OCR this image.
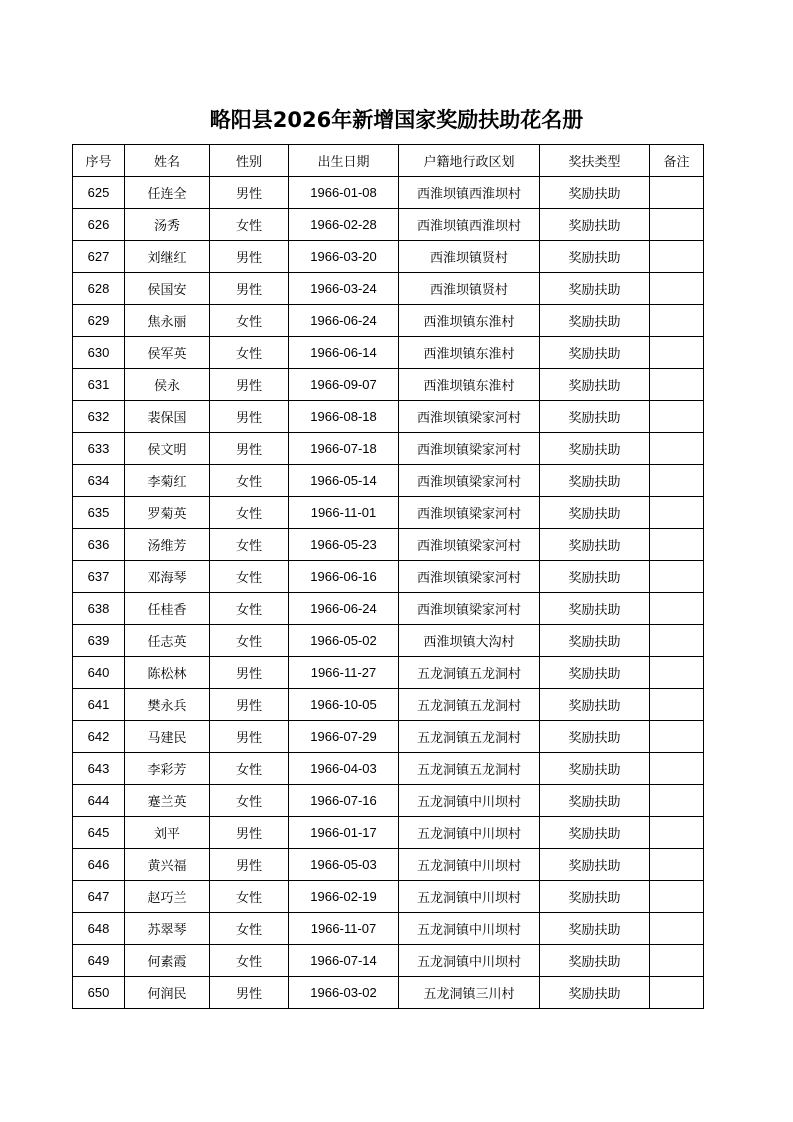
略阳县2026年新增国家奖励扶助花名册
序号	姓名	性别	出生日期	户籍地行政区划	奖扶类型	备注
625	任连全	男性	1966-01-08	西淮坝镇西淮坝村	奖励扶助	
626	汤秀	女性	1966-02-28	西淮坝镇西淮坝村	奖励扶助	
627	刘继红	男性	1966-03-20	西淮坝镇贤村	奖励扶助	
628	侯国安	男性	1966-03-24	西淮坝镇贤村	奖励扶助	
629	焦永丽	女性	1966-06-24	西淮坝镇东淮村	奖励扶助	
630	侯军英	女性	1966-06-14	西淮坝镇东淮村	奖励扶助	
631	侯永	男性	1966-09-07	西淮坝镇东淮村	奖励扶助	
632	裴保国	男性	1966-08-18	西淮坝镇梁家河村	奖励扶助	
633	侯文明	男性	1966-07-18	西淮坝镇梁家河村	奖励扶助	
634	李菊红	女性	1966-05-14	西淮坝镇梁家河村	奖励扶助	
635	罗菊英	女性	1966-11-01	西淮坝镇梁家河村	奖励扶助	
636	汤维芳	女性	1966-05-23	西淮坝镇梁家河村	奖励扶助	
637	邓海琴	女性	1966-06-16	西淮坝镇梁家河村	奖励扶助	
638	任桂香	女性	1966-06-24	西淮坝镇梁家河村	奖励扶助	
639	任志英	女性	1966-05-02	西淮坝镇大沟村	奖励扶助	
640	陈松林	男性	1966-11-27	五龙洞镇五龙洞村	奖励扶助	
641	樊永兵	男性	1966-10-05	五龙洞镇五龙洞村	奖励扶助	
642	马建民	男性	1966-07-29	五龙洞镇五龙洞村	奖励扶助	
643	李彩芳	女性	1966-04-03	五龙洞镇五龙洞村	奖励扶助	
644	蹇兰英	女性	1966-07-16	五龙洞镇中川坝村	奖励扶助	
645	刘平	男性	1966-01-17	五龙洞镇中川坝村	奖励扶助	
646	黄兴福	男性	1966-05-03	五龙洞镇中川坝村	奖励扶助	
647	赵巧兰	女性	1966-02-19	五龙洞镇中川坝村	奖励扶助	
648	苏翠琴	女性	1966-11-07	五龙洞镇中川坝村	奖励扶助	
649	何素霞	女性	1966-07-14	五龙洞镇中川坝村	奖励扶助	
650	何润民	男性	1966-03-02	五龙洞镇三川村	奖励扶助	
